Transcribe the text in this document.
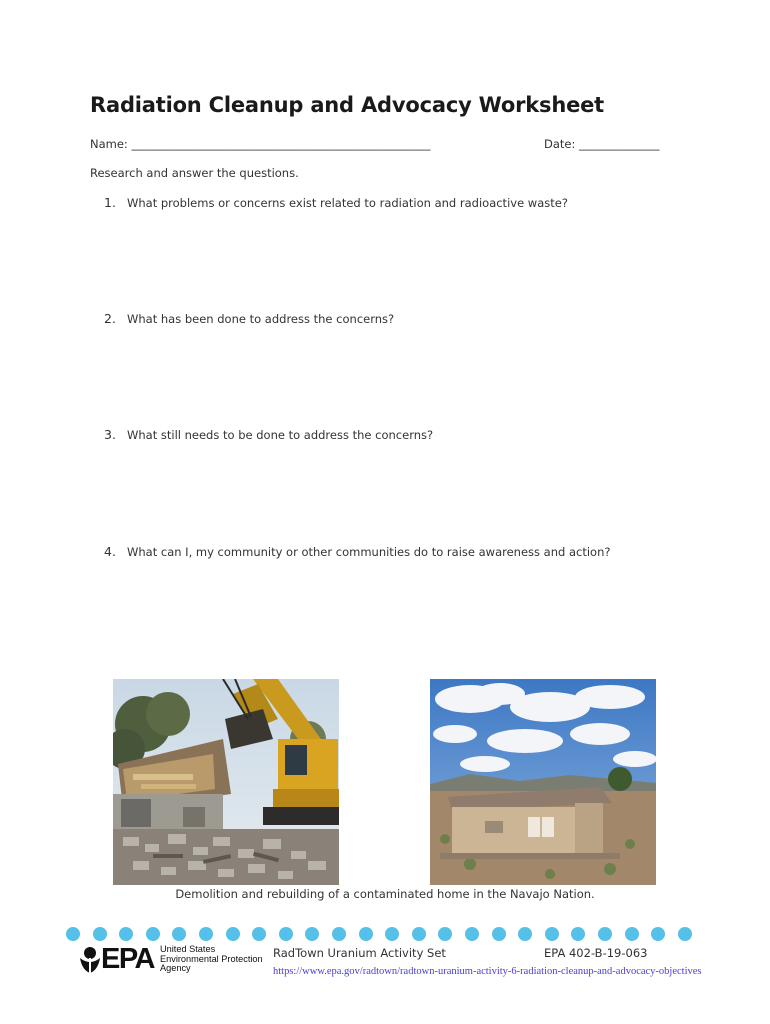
Radiation Cleanup and Advocacy Worksheet
Name: ____________________________________________________	Date: ______________
Research and answer the questions.
1. What problems or concerns exist related to radiation and radioactive waste?
2. What has been done to address the concerns?
3. What still needs to be done to address the concerns?
4. What can I, my community or other communities do to raise awareness and action?
Demolition and rebuilding of a contaminated home in the Navajo Nation.
EPA United States
Environmental Protection
Agency
RadTown Uranium Activity Set	EPA 402-B-19-063
https://www.epa.gov/radtown/radtown-uranium-activity-6-radiation-cleanup-and-advocacy-objectives
